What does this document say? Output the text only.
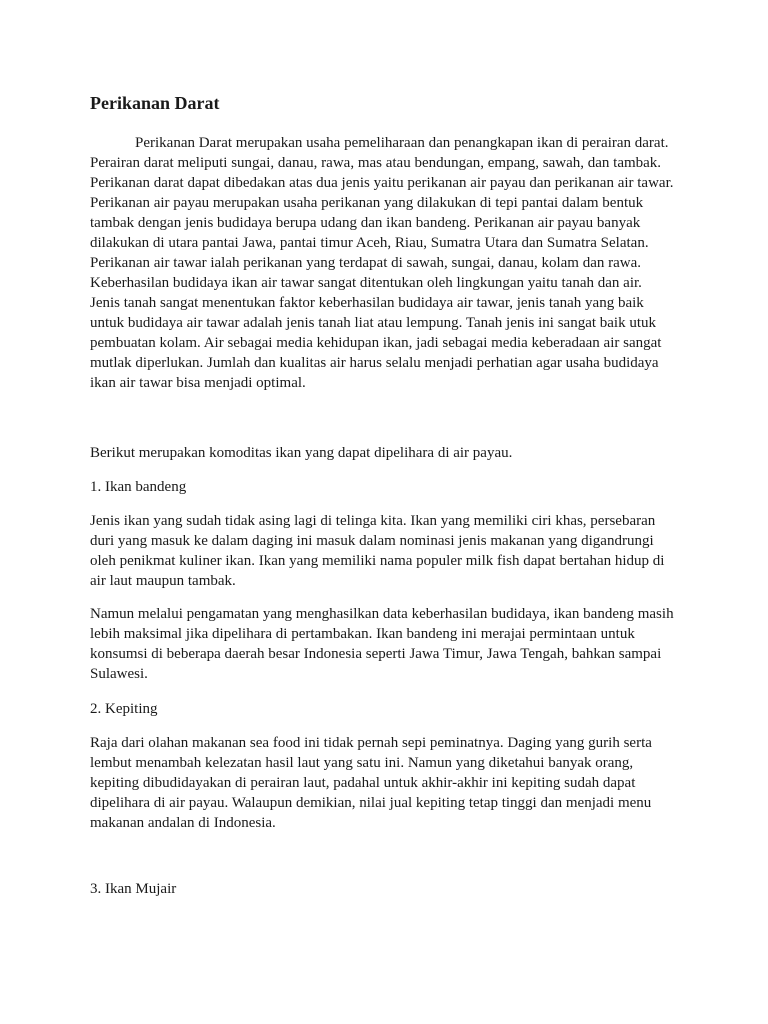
Perikanan Darat
Perikanan Darat merupakan usaha pemeliharaan dan penangkapan ikan di perairan darat.
Perairan darat meliputi sungai, danau, rawa, mas atau bendungan, empang, sawah, dan tambak.
Perikanan darat dapat dibedakan atas dua jenis yaitu perikanan air payau dan perikanan air tawar.
Perikanan air payau merupakan usaha perikanan yang dilakukan di tepi pantai dalam bentuk
tambak dengan jenis budidaya berupa udang dan ikan bandeng. Perikanan air payau banyak
dilakukan di utara pantai Jawa, pantai timur Aceh, Riau, Sumatra Utara dan Sumatra Selatan.
Perikanan air tawar ialah perikanan yang terdapat di sawah, sungai, danau, kolam dan rawa.
Keberhasilan budidaya ikan air tawar sangat ditentukan oleh lingkungan yaitu tanah dan air.
Jenis tanah sangat menentukan faktor keberhasilan budidaya air tawar, jenis tanah yang baik
untuk budidaya air tawar adalah jenis tanah liat atau lempung. Tanah jenis ini sangat baik utuk
pembuatan kolam. Air sebagai media kehidupan ikan, jadi sebagai media keberadaan air sangat
mutlak diperlukan. Jumlah dan kualitas air harus selalu menjadi perhatian agar usaha budidaya
ikan air tawar bisa menjadi optimal.
Berikut merupakan komoditas ikan yang dapat dipelihara di air payau.
1. Ikan bandeng
Jenis ikan yang sudah tidak asing lagi di telinga kita. Ikan yang memiliki ciri khas, persebaran
duri yang masuk ke dalam daging ini masuk dalam nominasi jenis makanan yang digandrungi
oleh penikmat kuliner ikan. Ikan yang memiliki nama populer milk fish dapat bertahan hidup di
air laut maupun tambak.
Namun melalui pengamatan yang menghasilkan data keberhasilan budidaya, ikan bandeng masih
lebih maksimal jika dipelihara di pertambakan. Ikan bandeng ini merajai permintaan untuk
konsumsi di beberapa daerah besar Indonesia seperti Jawa Timur, Jawa Tengah, bahkan sampai
Sulawesi.
2. Kepiting
Raja dari olahan makanan sea food ini tidak pernah sepi peminatnya. Daging yang gurih serta
lembut menambah kelezatan hasil laut yang satu ini. Namun yang diketahui banyak orang,
kepiting dibudidayakan di perairan laut, padahal untuk akhir-akhir ini kepiting sudah dapat
dipelihara di air payau. Walaupun demikian, nilai jual kepiting tetap tinggi dan menjadi menu
makanan andalan di Indonesia.
3. Ikan Mujair
